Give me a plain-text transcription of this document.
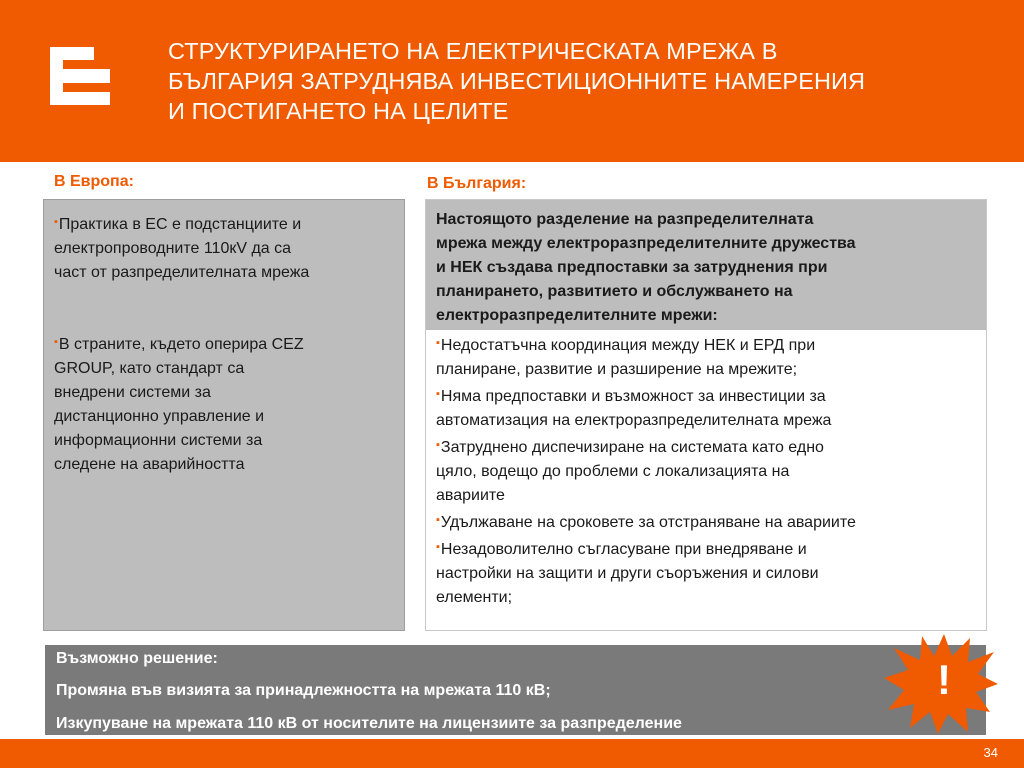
СТРУКТУРИРАНЕТО НА ЕЛЕКТРИЧЕСКАТА МРЕЖА В
БЪЛГАРИЯ ЗАТРУДНЯВА ИНВЕСТИЦИОННИТЕ НАМЕРЕНИЯ
И ПОСТИГАНЕТО НА ЦЕЛИТЕ
В Европа:	В България:
▪Практика в ЕС е подстанциите и
електропроводните 110кV да са
част от разпределителната мрежа
▪В страните, където оперира CEZ
GROUP, като стандарт са
внедрени системи за
дистанционно управление и
информационни системи за
следене на аварийността
Настоящото разделение на разпределителната
мрежа между електроразпределителните дружества
и НЕК създава предпоставки за затруднения при
планирането, развитието и обслужването на
електроразпределителните мрежи:
▪Недостатъчна координация между НЕК и ЕРД при
планиране, развитие и разширение на мрежите;
▪Няма предпоставки и възможност за инвестиции за
автоматизация на електроразпределителната мрежа
▪Затруднено диспечизиране на системата като едно
цяло, водещо до проблеми с локализацията на
авариите
▪Удължаване на сроковете за отстраняване на авариите
▪Незадоволително съгласуване при внедряване и
настройки на защити и други съоръжения и силови
елементи;
Възможно решение:
Промяна във визията за принадлежността на мрежата 110 кВ;
Изкупуване на мрежата 110 кВ от носителите на лицензиите за разпределение
!
34
